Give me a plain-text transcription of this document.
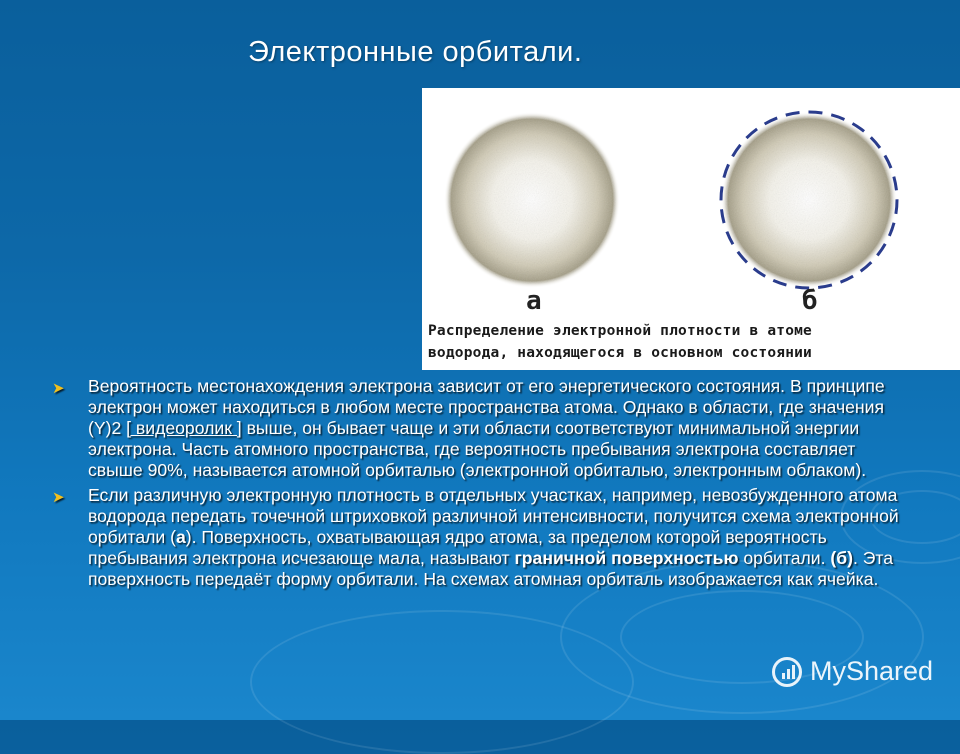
Электронные орбитали.
а	б
Распределение электронной плотности в атоме
водорода, находящегося в основном состоянии
➤ Вероятность местонахождения электрона зависит от его энергетического состояния. В принципе электрон может находиться в любом месте пространства атома. Однако в области, где значения (Y)2 [ видеоролик ] выше, он бывает чаще и эти области соответствуют минимальной энергии электрона. Часть атомного пространства, где вероятность пребывания электрона составляет свыше 90%, называется атомной орбиталью (электронной орбиталью, электронным облаком).
➤ Если различную электронную плотность в отдельных участках, например, невозбужденного атома водорода передать точечной штриховкой различной интенсивности, получится схема электронной орбитали (а). Поверхность, охватывающая ядро атома, за пределом которой вероятность пребывания электрона исчезающе мала, называют граничной поверхностью орбитали. (б). Эта поверхность передаёт форму орбитали. На схемах атомная орбиталь изображается как ячейка.
MyShared
